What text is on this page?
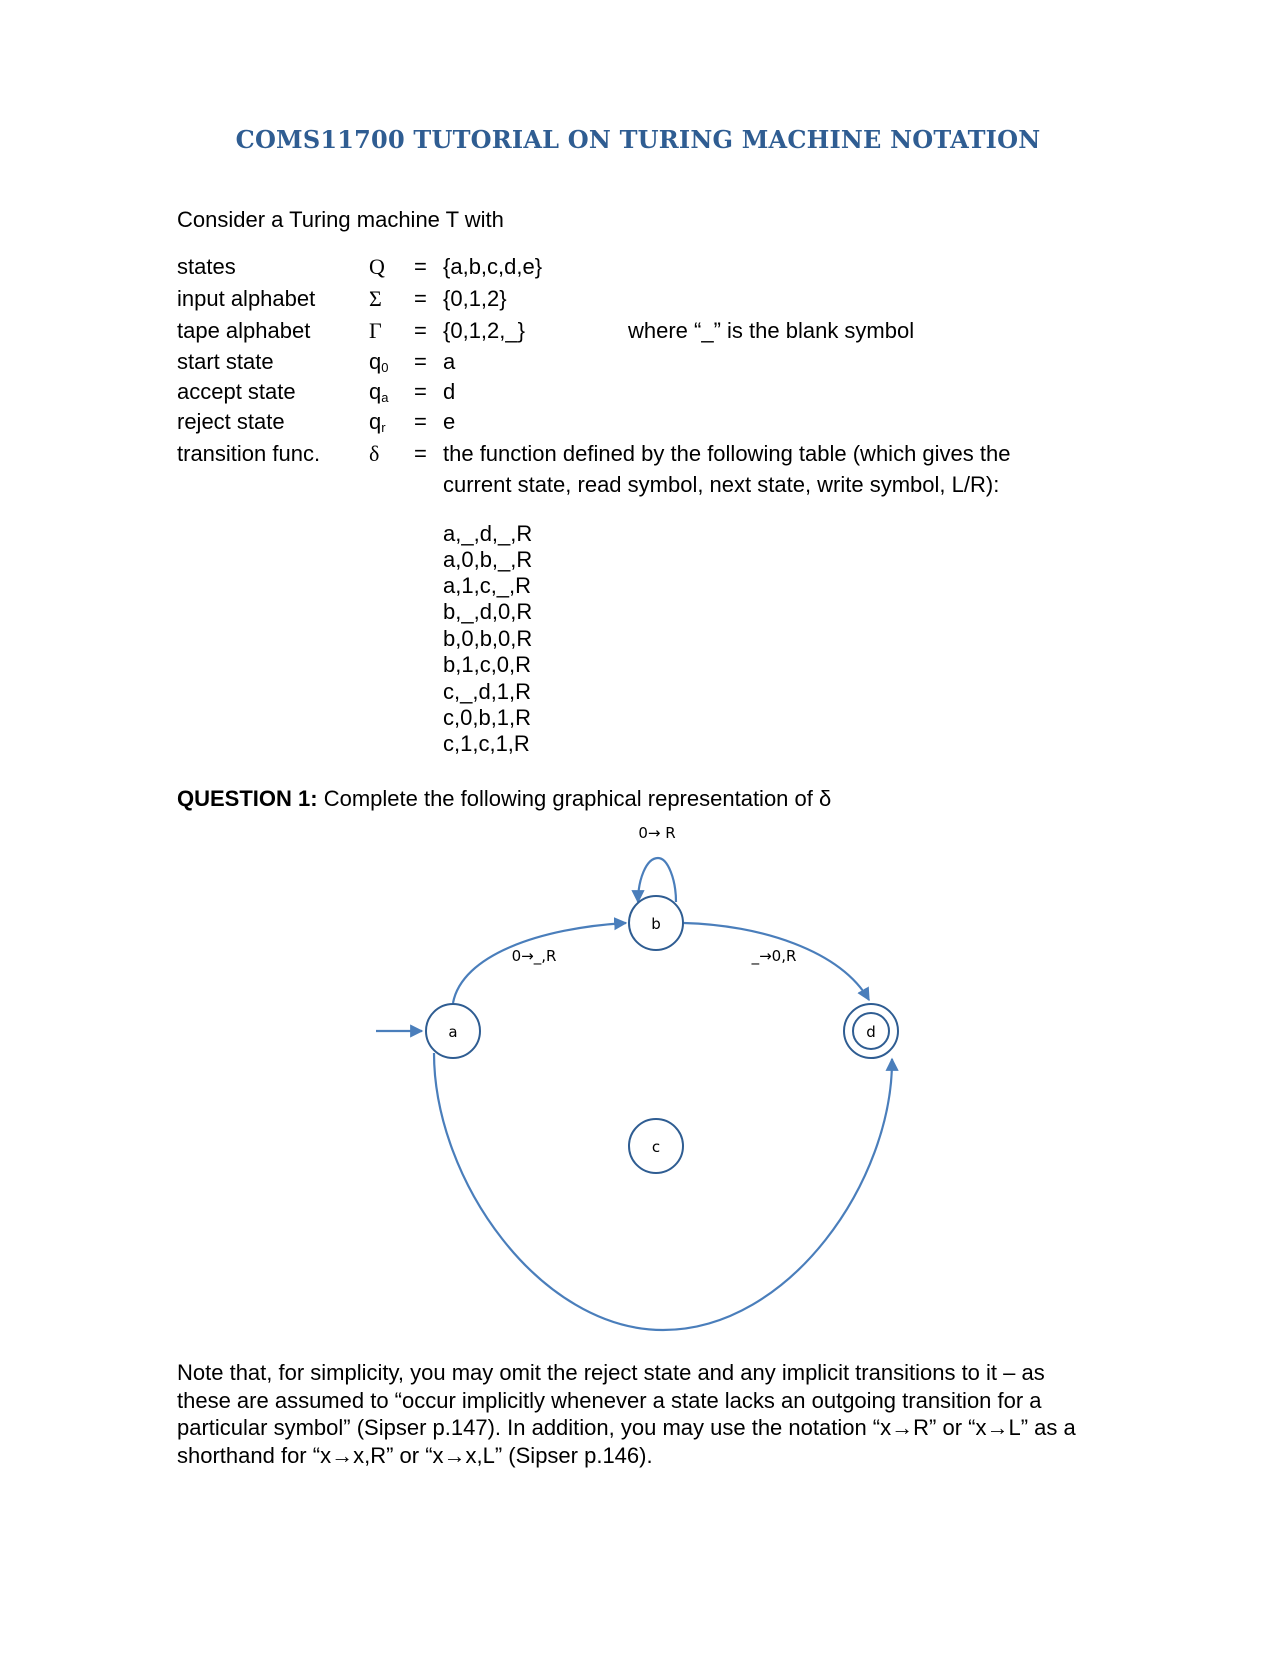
COMS11700 TUTORIAL ON TURING MACHINE NOTATION
Consider a Turing machine T with
states	Q = {a,b,c,d,e}
input alphabet Σ = {0,1,2}
tape alphabet	Γ = {0,1,2,_}	where “_” is the blank symbol
start state	$q_0 = a$
accept state	$q_a = d$
reject state	$q_r = e$
transition func. δ = the function defined by the following table (which gives the
current state, read symbol, next state, write symbol, L/R):
a,_,d,_,R
a,0,b,_,R
a,1,c,_,R
b,_,d,0,R
b,0,b,0,R
b,1,c,0,R
c,_,d,1,R
c,0,b,1,R
c,1,c,1,R
QUESTION 1: Complete the following graphical representation of δ
a
b
c
d
0→ R
0→_,R	_→0,R
Note that, for simplicity, you may omit the reject state and any implicit transitions to it – as these are assumed to “occur implicitly whenever a state lacks an outgoing transition for a particular symbol” (Sipser p.147). In addition, you may use the notation “x→R” or “x→L” as a shorthand for “x→x,R” or “x→x,L” (Sipser p.146).
